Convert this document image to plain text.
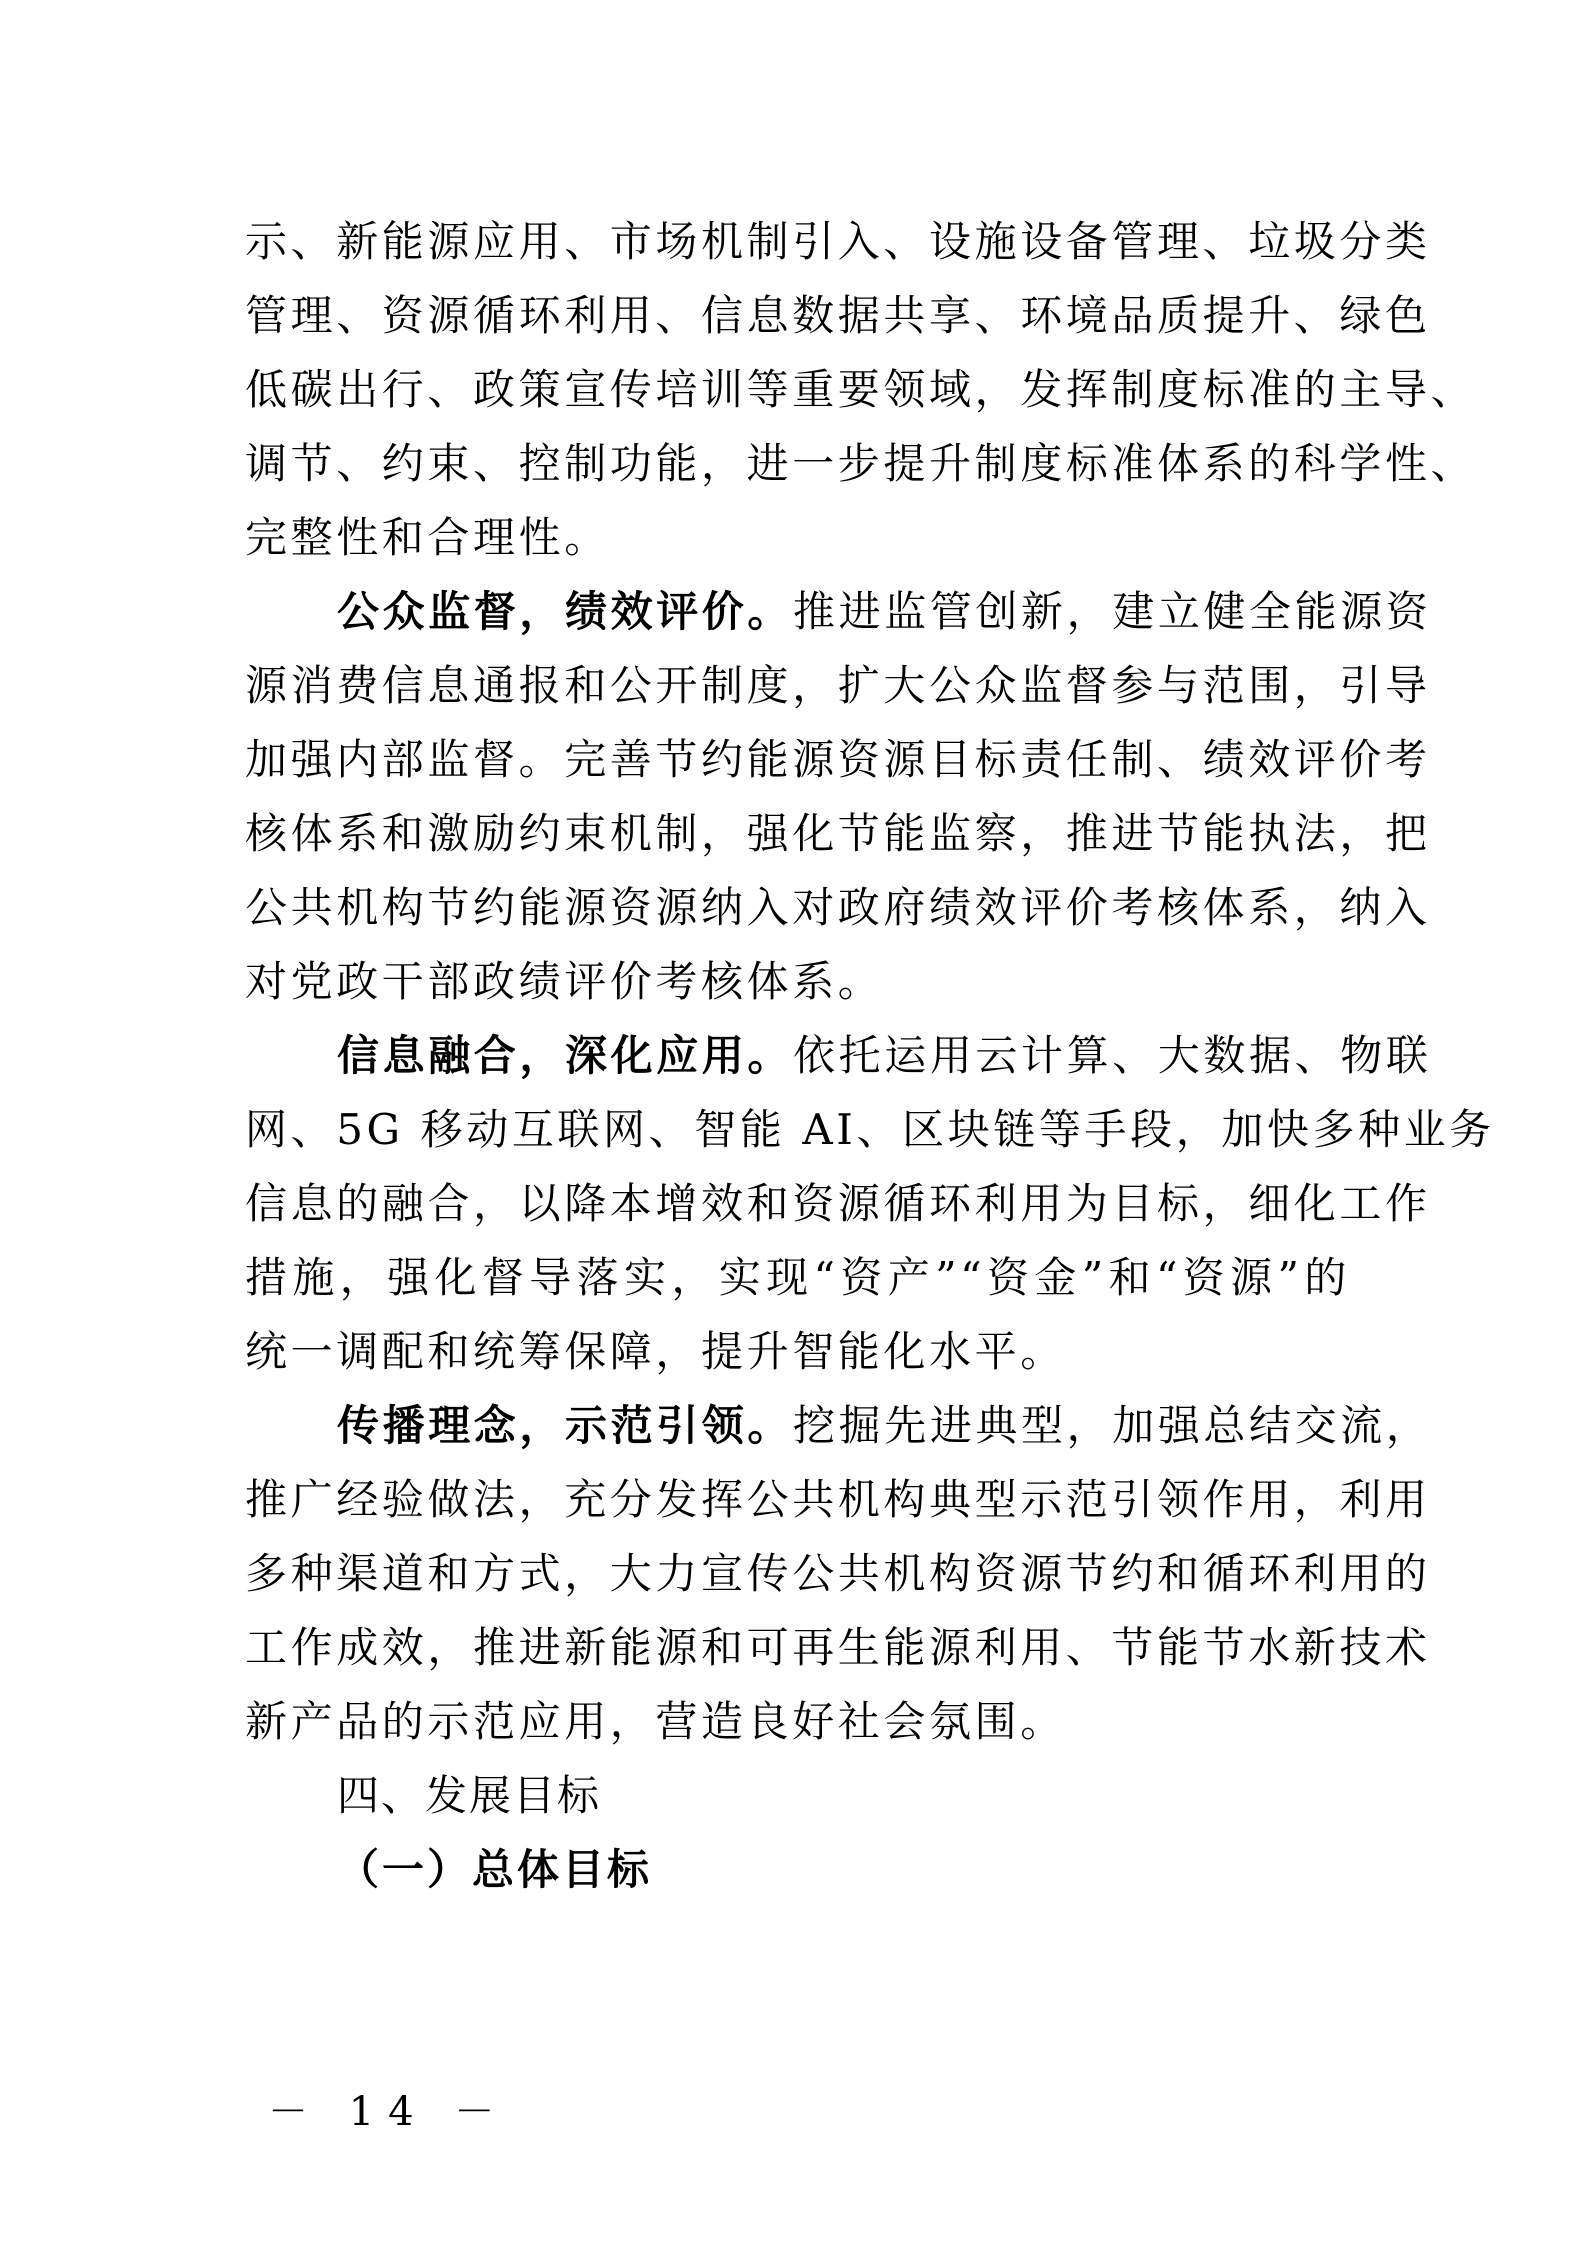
示、新能源应用、市场机制引入、设施设备管理、垃圾分类
管理、资源循环利用、信息数据共享、环境品质提升、绿色
低碳出行、政策宣传培训等重要领域，发挥制度标准的主导、
调节、约束、控制功能，进一步提升制度标准体系的科学性、
完整性和合理性。
公众监督，绩效评价。推进监管创新，建立健全能源资
源消费信息通报和公开制度，扩大公众监督参与范围，引导
加强内部监督。完善节约能源资源目标责任制、绩效评价考
核体系和激励约束机制，强化节能监察，推进节能执法，把
公共机构节约能源资源纳入对政府绩效评价考核体系，纳入
对党政干部政绩评价考核体系。
信息融合，深化应用。依托运用云计算、大数据、物联
网、5G 移动互联网、智能 AI、区块链等手段，加快多种业务
信息的融合，以降本增效和资源循环利用为目标，细化工作
措施，强化督导落实，实现“资产”“资金”和“资源”的
统一调配和统筹保障，提升智能化水平。
传播理念，示范引领。挖掘先进典型，加强总结交流，
推广经验做法，充分发挥公共机构典型示范引领作用，利用
多种渠道和方式，大力宣传公共机构资源节约和循环利用的
工作成效，推进新能源和可再生能源利用、节能节水新技术
新产品的示范应用，营造良好社会氛围。
四、发展目标
（一）总体目标
－ 14 －
